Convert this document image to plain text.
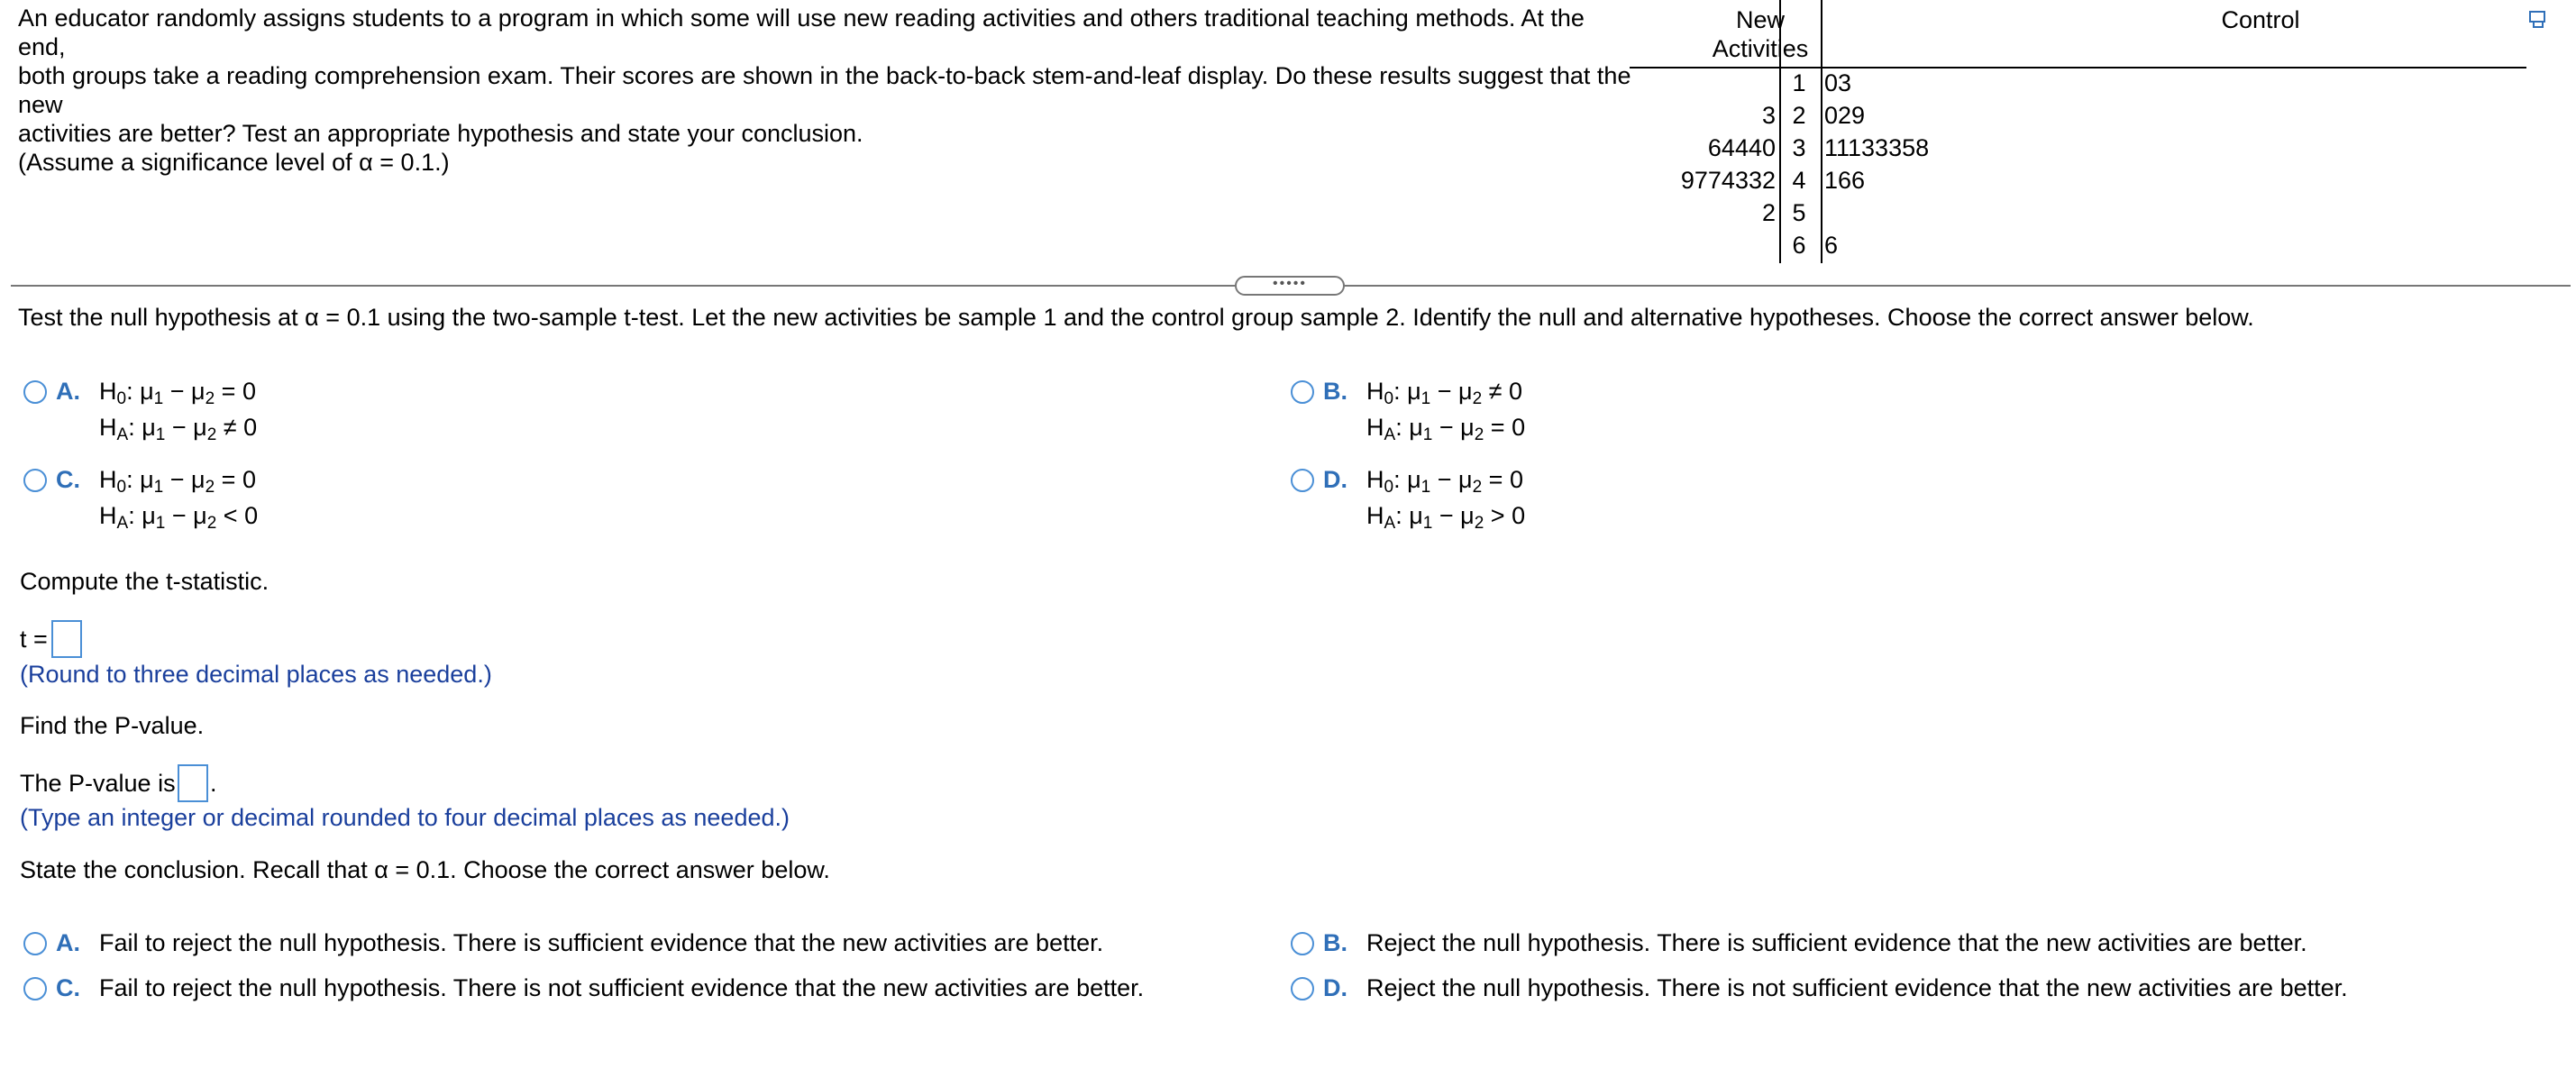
An educator randomly assigns students to a program in which some will use new reading activities and others traditional teaching methods. At the end,

both groups take a reading comprehension exam. Their scores are shown in the back-to-back stem-and-leaf display. Do these results suggest that the new

activities are better? Test an appropriate hypothesis and state your conclusion.

(Assume a significance level of α = 0.1.)

New
Activities
Control
1 03
3 2 029
64440 3 11133358
9774332 4 166
2 5
6 6
•••••
Test the null hypothesis at α = 0.1 using the two-sample t-test. Let the new activities be sample 1 and the control group sample 2. Identify the null and alternative hypotheses. Choose the correct answer below.
A. $H_0$: $\mu_1 - \mu_2 = 0$
$H_A$: $\mu_1 - \mu_2 \ne 0$
B. $H_0$: $\mu_1 - \mu_2 \ne 0$
$H_A$: $\mu_1 - \mu_2 = 0$
C. $H_0$: $\mu_1 - \mu_2 = 0$
$H_A$: $\mu_1 - \mu_2 < 0$
D. $H_0$: $\mu_1 - \mu_2 = 0$
$H_A$: $\mu_1 - \mu_2 > 0$
Compute the t-statistic.
t =
(Round to three decimal places as needed.)
Find the P-value.
The P-value is .
(Type an integer or decimal rounded to four decimal places as needed.)
State the conclusion. Recall that α = 0.1. Choose the correct answer below.
A. Fail to reject the null hypothesis. There is sufficient evidence that the new activities are better.	B. Reject the null hypothesis. There is sufficient evidence that the new activities are better.
C. Fail to reject the null hypothesis. There is not sufficient evidence that the new activities are better.	D. Reject the null hypothesis. There is not sufficient evidence that the new activities are better.
